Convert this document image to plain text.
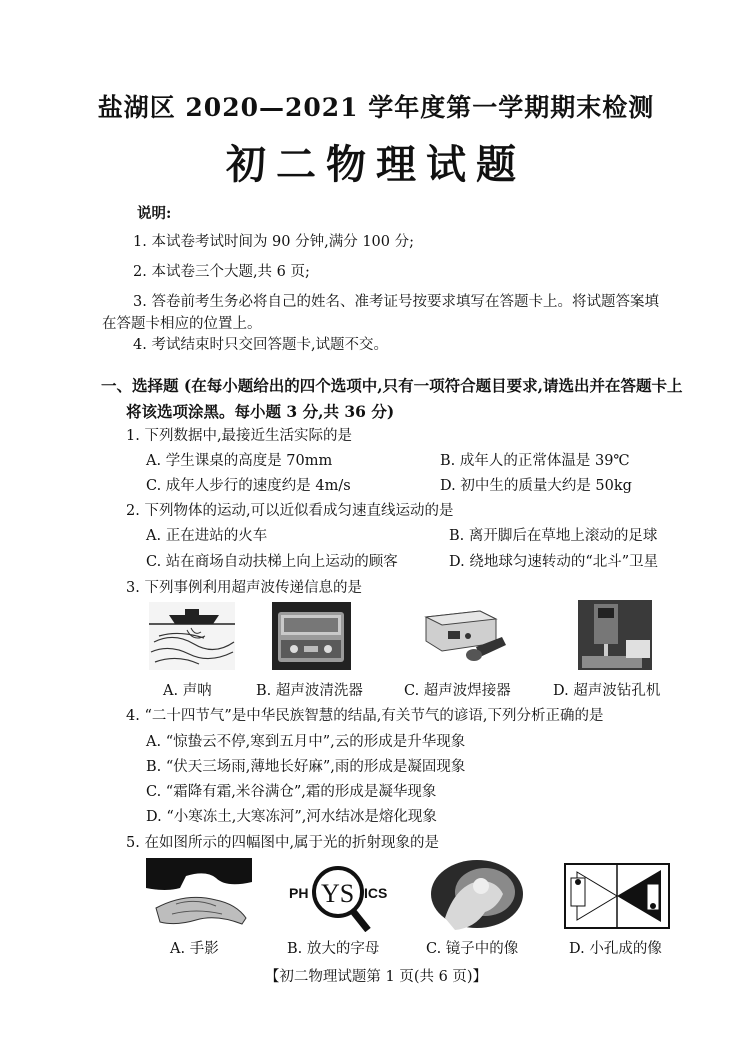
盐湖区 2020—2021 学年度第一学期期末检测
初二物理试题
说明:
1. 本试卷考试时间为 90 分钟,满分 100 分;
2. 本试卷三个大题,共 6 页;
3. 答卷前考生务必将自己的姓名、准考证号按要求填写在答题卡上。将试题答案填
在答题卡相应的位置上。
4. 考试结束时只交回答题卡,试题不交。
一、选择题 (在每小题给出的四个选项中,只有一项符合题目要求,请选出并在答题卡上
将该选项涂黑。每小题 3 分,共 36 分)
1. 下列数据中,最接近生活实际的是
A. 学生课桌的高度是 70mm	B. 成年人的正常体温是 39℃
C. 成年人步行的速度约是 4m/s	D. 初中生的质量大约是 50kg
2. 下列物体的运动,可以近似看成匀速直线运动的是
A. 正在进站的火车	B. 离开脚后在草地上滚动的足球
C. 站在商场自动扶梯上向上运动的顾客	D. 绕地球匀速转动的“北斗”卫星
3. 下列事例利用超声波传递信息的是
A. 声呐	B. 超声波清洗器	C. 超声波焊接器	D. 超声波钻孔机
4. “二十四节气”是中华民族智慧的结晶,有关节气的谚语,下列分析正确的是
A. “惊蛰云不停,寒到五月中”,云的形成是升华现象
B. “伏天三场雨,薄地长好麻”,雨的形成是凝固现象
C. “霜降有霜,米谷满仓”,霜的形成是凝华现象
D. “小寒冻土,大寒冻河”,河水结冰是熔化现象
5. 在如图所示的四幅图中,属于光的折射现象的是
PH YS ICS
A. 手影	B. 放大的字母	C. 镜子中的像	D. 小孔成的像
【初二物理试题第 1 页(共 6 页)】
